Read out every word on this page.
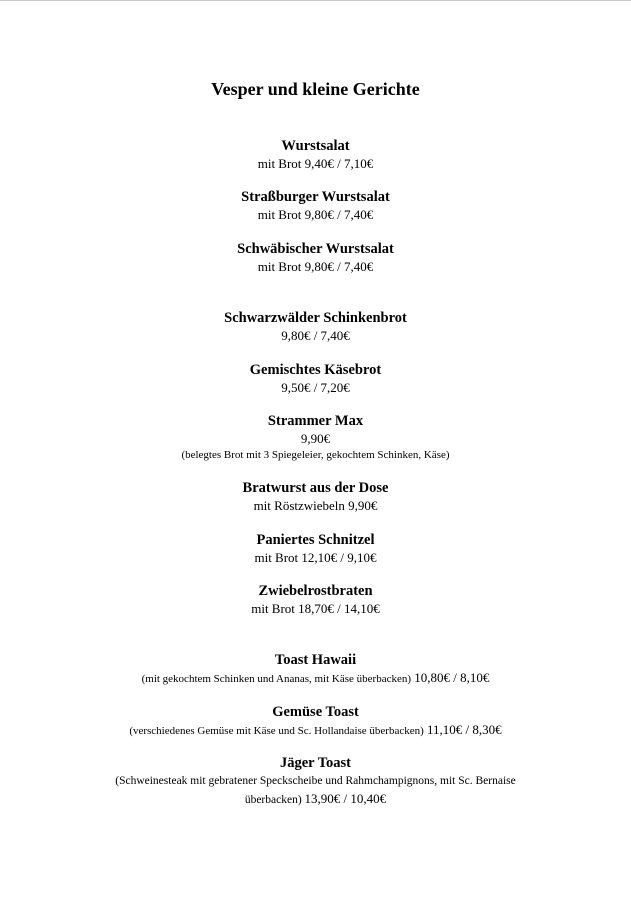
Vesper und kleine Gerichte
Wurstsalat
mit Brot 9,40€ / 7,10€
Straßburger Wurstsalat
mit Brot 9,80€ / 7,40€
Schwäbischer Wurstsalat
mit Brot 9,80€ / 7,40€
Schwarzwälder Schinkenbrot
9,80€ / 7,40€
Gemischtes Käsebrot
9,50€ / 7,20€
Strammer Max
9,90€
(belegtes Brot mit 3 Spiegeleier, gekochtem Schinken, Käse)
Bratwurst aus der Dose
mit Röstzwiebeln 9,90€
Paniertes Schnitzel
mit Brot 12,10€ / 9,10€
Zwiebelrostbraten
mit Brot 18,70€ / 14,10€
Toast Hawaii
(mit gekochtem Schinken und Ananas, mit Käse überbacken) 10,80€ / 8,10€
Gemüse Toast
(verschiedenes Gemüse mit Käse und Sc. Hollandaise überbacken) 11,10€ / 8,30€
Jäger Toast
(Schweinesteak mit gebratener Speckscheibe und Rahmchampignons, mit Sc. Bernaise
überbacken) 13,90€ / 10,40€
